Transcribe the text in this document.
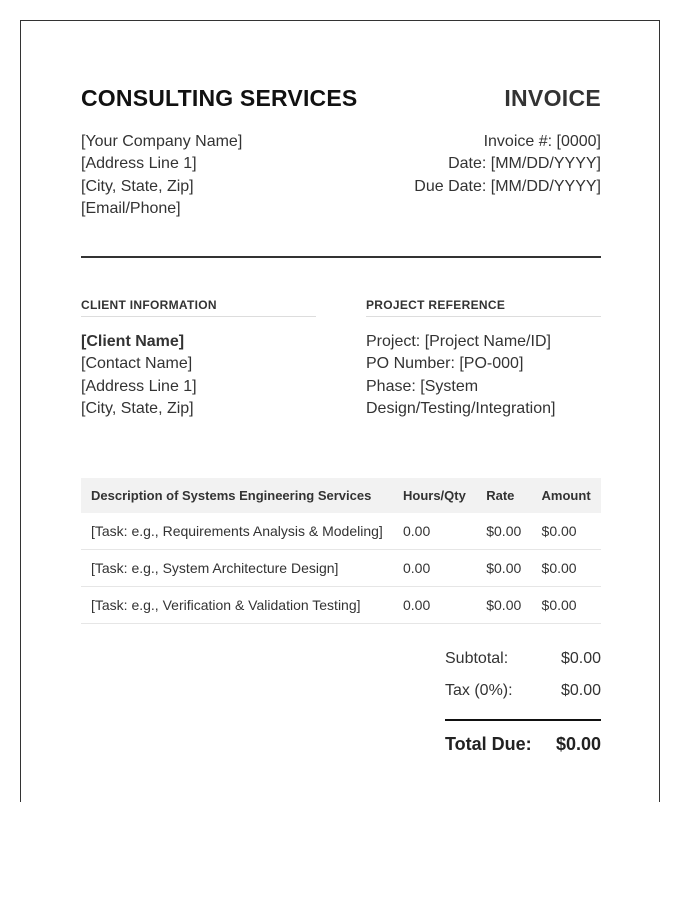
CONSULTING SERVICES	INVOICE
[Your Company Name]
[Address Line 1]
[City, State, Zip]
[Email/Phone]
Invoice #: [0000]
Date: [MM/DD/YYYY]
Due Date: [MM/DD/YYYY]
CLIENT INFORMATION
[Client Name]
[Contact Name]
[Address Line 1]
[City, State, Zip]
PROJECT REFERENCE
Project: [Project Name/ID]
PO Number: [PO-000]
Phase: [System
Design/Testing/Integration]
Description of Systems Engineering Services	Hours/Qty	Rate	Amount
[Task: e.g., Requirements Analysis & Modeling]	0.00	$0.00	$0.00
[Task: e.g., System Architecture Design]	0.00	$0.00	$0.00
[Task: e.g., Verification & Validation Testing]	0.00	$0.00	$0.00
Subtotal:	$0.00
Tax (0%):	$0.00
Total Due: $0.00
